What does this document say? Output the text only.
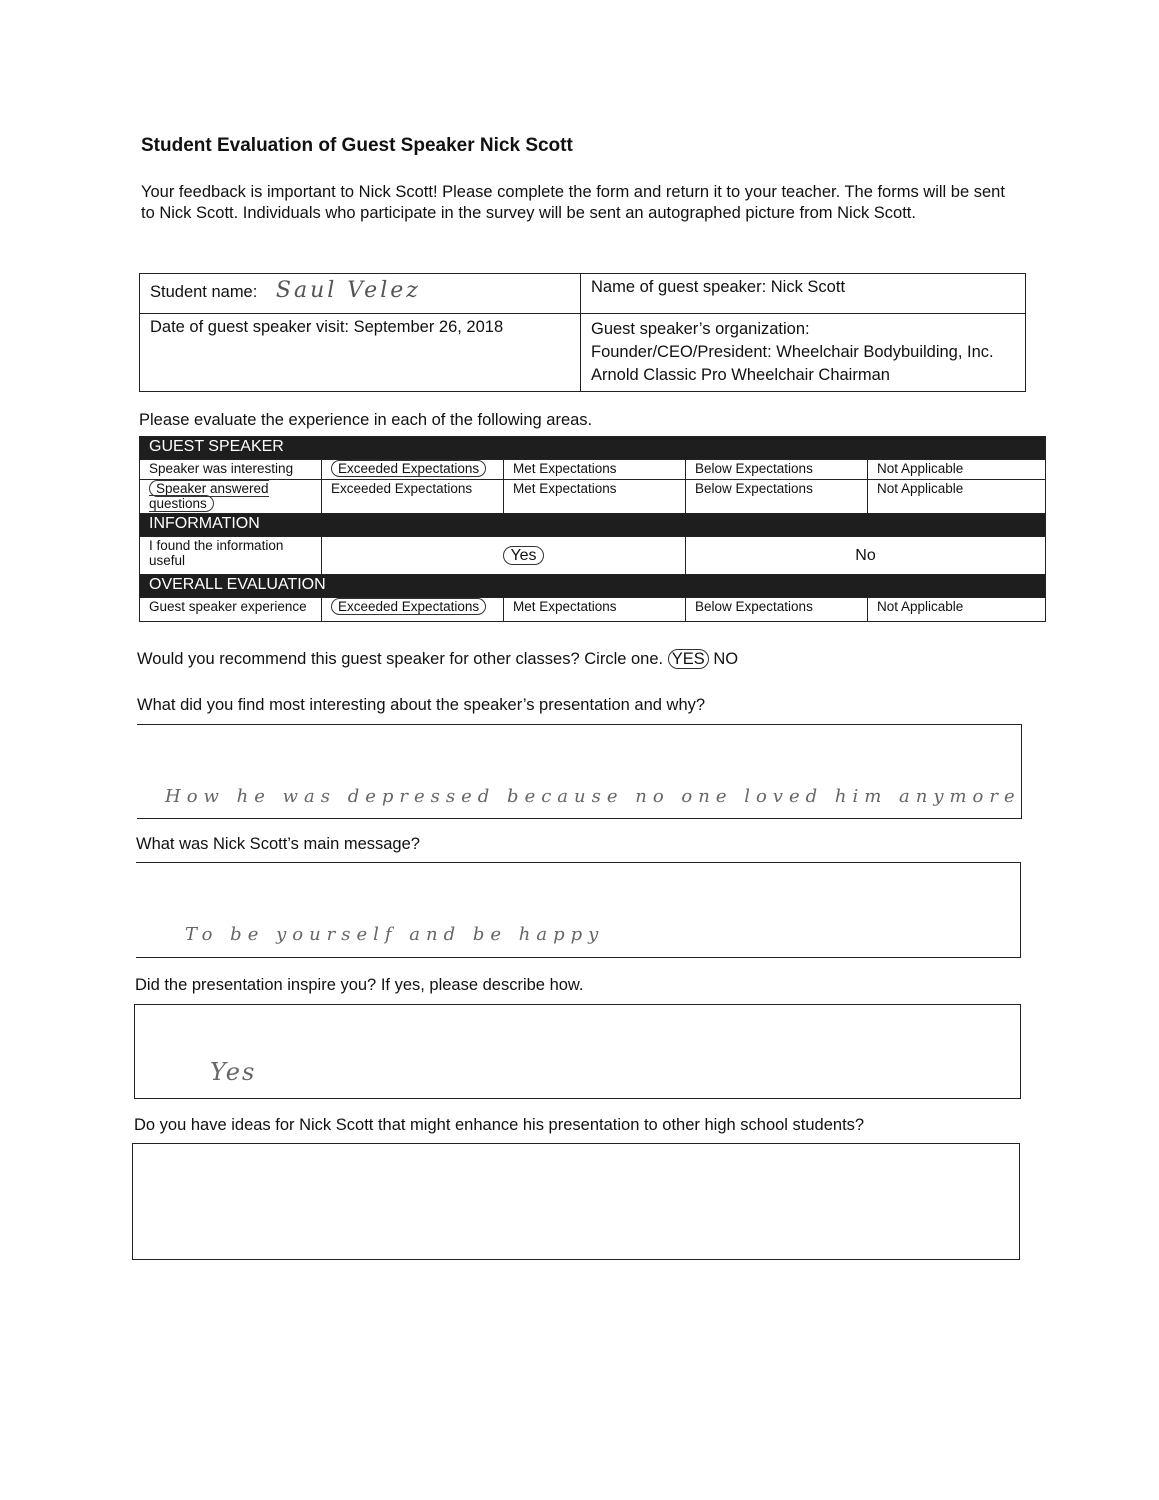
Student Evaluation of Guest Speaker Nick Scott
Your feedback is important to Nick Scott! Please complete the form and return it to your teacher. The forms will be sent to Nick Scott. Individuals who participate in the survey will be sent an autographed picture from Nick Scott.
Student name: Saul Velez	Name of guest speaker: Nick Scott
Date of guest speaker visit: September 26, 2018	Guest speaker’s organization:
Founder/CEO/President: Wheelchair Bodybuilding, Inc.
Arnold Classic Pro Wheelchair Chairman
Please evaluate the experience in each of the following areas.
GUEST SPEAKER				
Speaker was interesting	Exceeded Expectations	Met Expectations	Below Expectations	Not Applicable
Speaker answered questions	Exceeded Expectations	Met Expectations	Below Expectations	Not Applicable
INFORMATION				
I found the information useful	Yes		No	
OVERALL EVALUATION				
Guest speaker experience	Exceeded Expectations	Met Expectations	Below Expectations	Not Applicable
Would you recommend this guest speaker for other classes? Circle one. YES NO
What did you find most interesting about the speaker’s presentation and why?
How he was depressed because no one loved him anymore
What was Nick Scott’s main message?
To be yourself and be happy
Did the presentation inspire you? If yes, please describe how.
Yes
Do you have ideas for Nick Scott that might enhance his presentation to other high school students?
